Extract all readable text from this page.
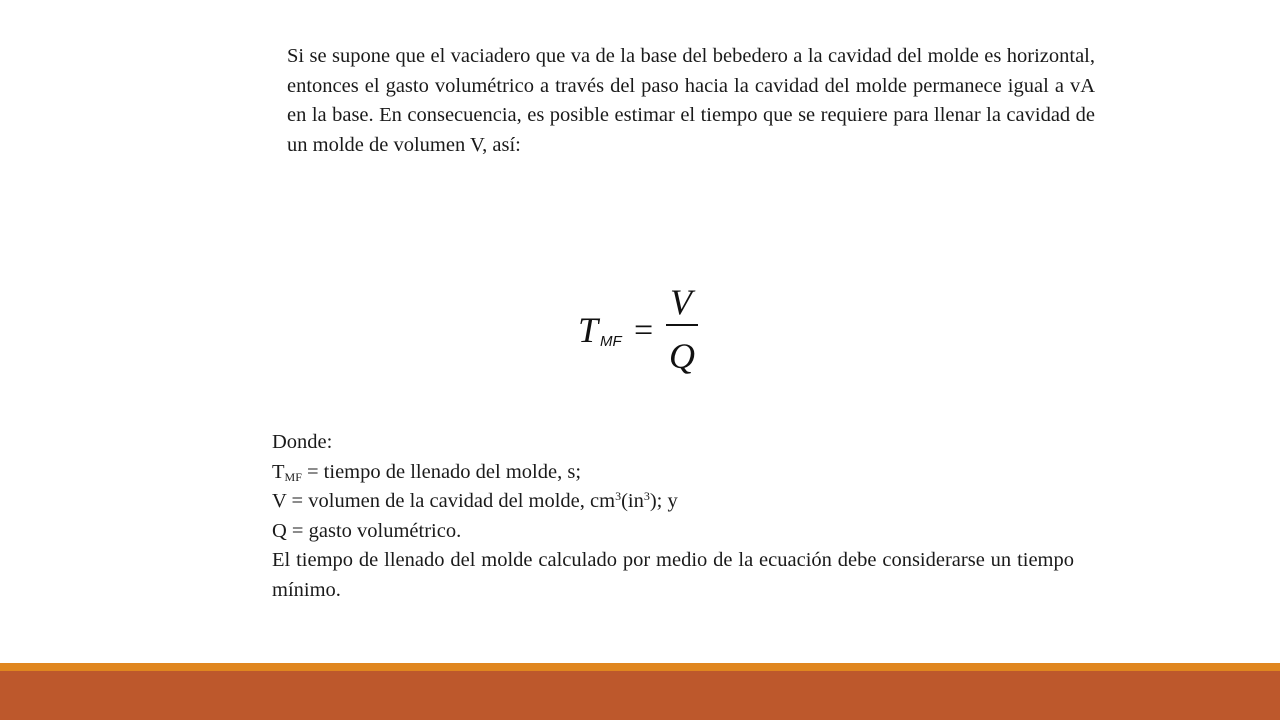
Si se supone que el vaciadero que va de la base del bebedero a la cavidad del molde es horizontal, entonces el gasto volumétrico a través del paso hacia la cavidad del molde permanece igual a vA en la base. En consecuencia, es posible estimar el tiempo que se requiere para llenar la cavidad de un molde de volumen V, así:

T MF =
V
Q
Donde:
$T_{MF}$ = tiempo de llenado del molde, s;
V = volumen de la cavidad del molde, $cm^3(in^3)$; y
Q = gasto volumétrico.
El tiempo de llenado del molde calculado por medio de la ecuación debe considerarse un tiempo mínimo.
